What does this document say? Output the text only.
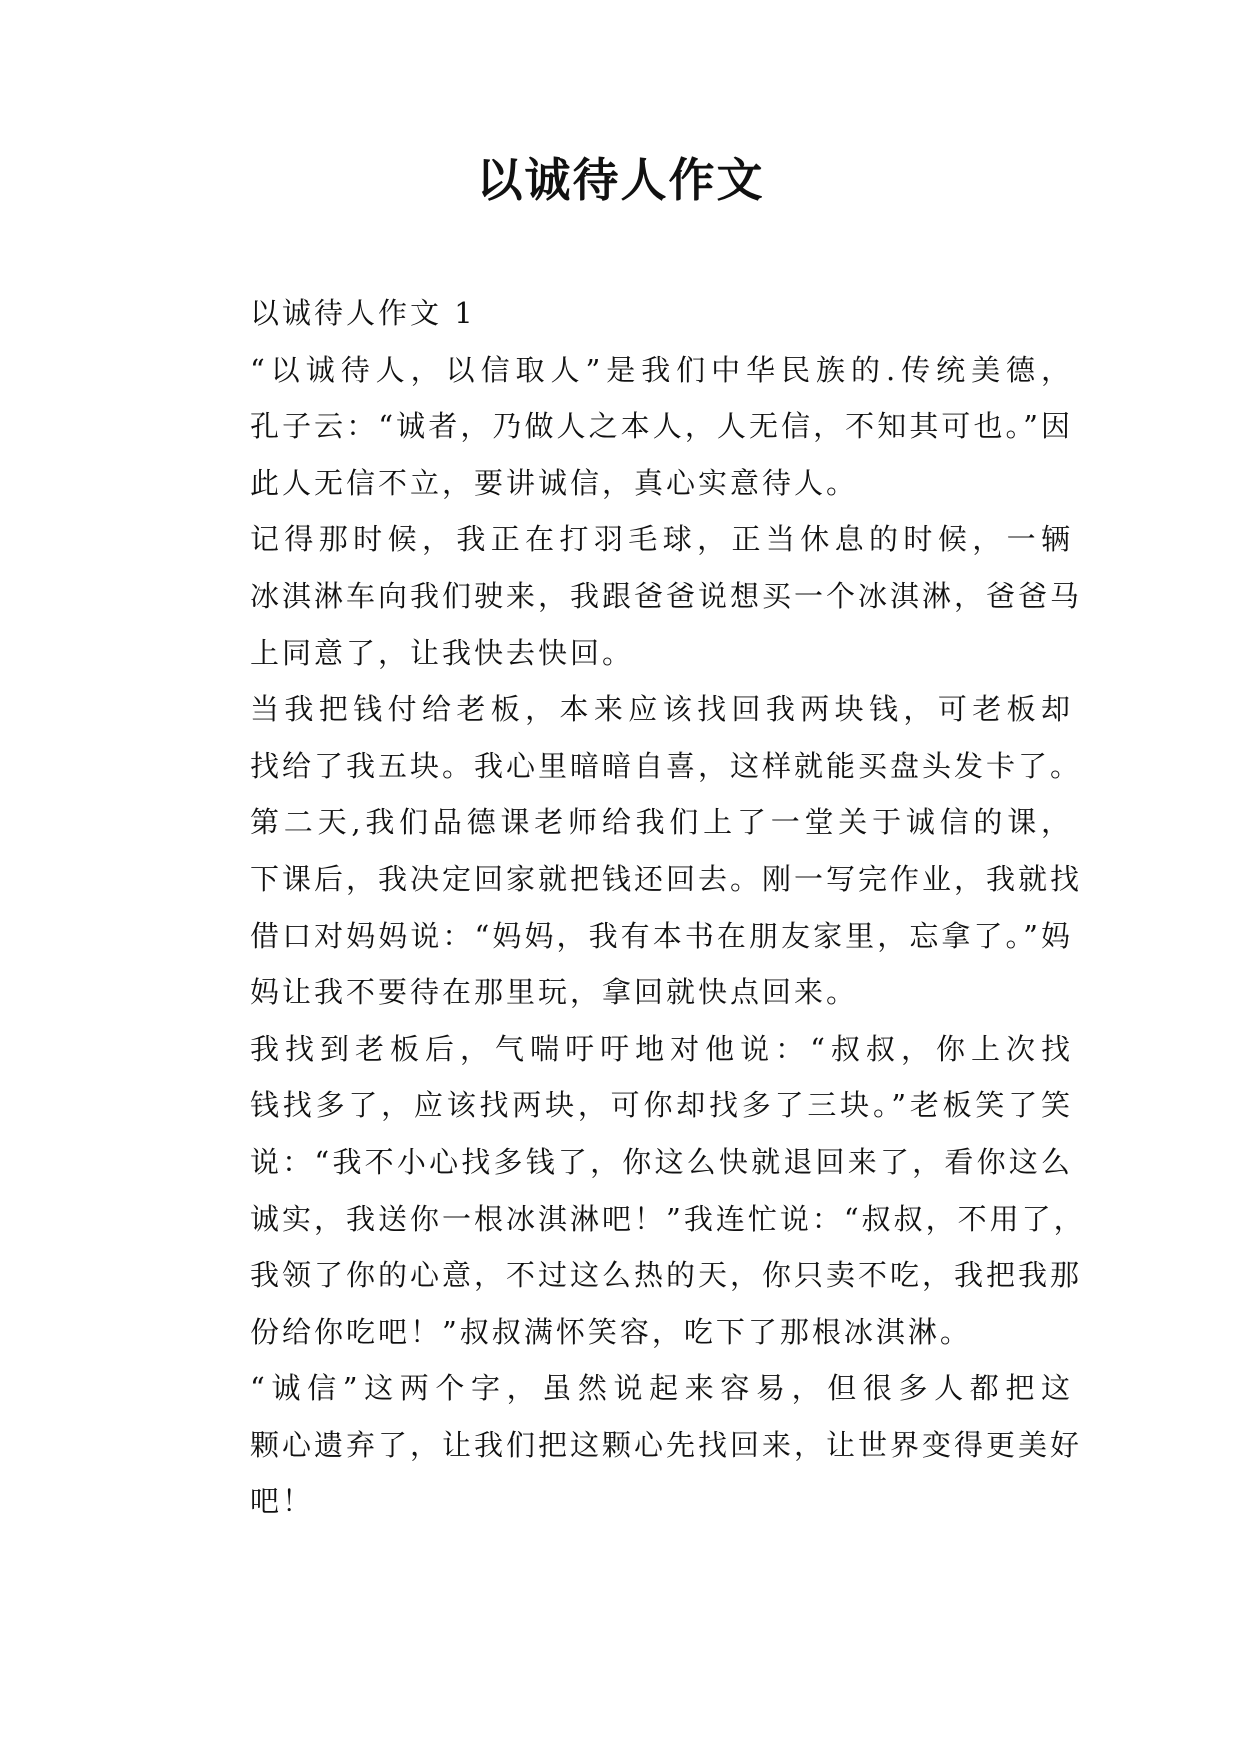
以诚待人作文
以诚待人作文 1
“以诚待人，以信取人”是我们中华民族的.传统美德，
孔子云：“诚者，乃做人之本人，人无信，不知其可也。”因
此人无信不立，要讲诚信，真心实意待人。
记得那时候，我正在打羽毛球，正当休息的时候，一辆
冰淇淋车向我们驶来，我跟爸爸说想买一个冰淇淋，爸爸马
上同意了，让我快去快回。
当我把钱付给老板，本来应该找回我两块钱，可老板却
找给了我五块。我心里暗暗自喜，这样就能买盘头发卡了。
第二天,我们品德课老师给我们上了一堂关于诚信的课，
下课后，我决定回家就把钱还回去。刚一写完作业，我就找
借口对妈妈说：“妈妈，我有本书在朋友家里，忘拿了。”妈
妈让我不要待在那里玩，拿回就快点回来。
我找到老板后，气喘吁吁地对他说：“叔叔，你上次找
钱找多了，应该找两块，可你却找多了三块。”老板笑了笑
说：“我不小心找多钱了，你这么快就退回来了，看你这么
诚实，我送你一根冰淇淋吧！”我连忙说：“叔叔，不用了，
我领了你的心意，不过这么热的天，你只卖不吃，我把我那
份给你吃吧！”叔叔满怀笑容，吃下了那根冰淇淋。
“诚信”这两个字，虽然说起来容易，但很多人都把这
颗心遗弃了，让我们把这颗心先找回来，让世界变得更美好
吧！
